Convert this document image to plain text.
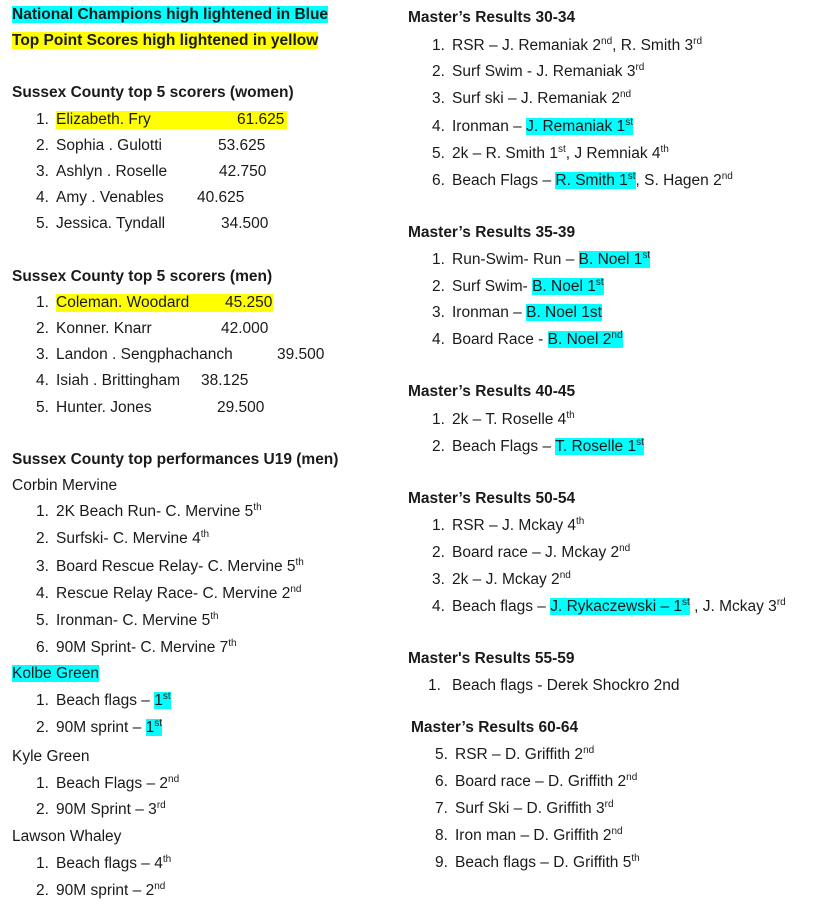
National Champions high lightened in Blue
Top Point Scores high lightened in yellow
Sussex County top 5 scorers (women)
1. Elizabeth. Fry	61.625
2. Sophia . Gulotti	53.625
3. Ashlyn . Roselle	42.750
4. Amy . Venables 40.625
5. Jessica. Tyndall	34.500
Sussex County top 5 scorers (men)
1. Coleman. Woodard 45.250
2. Konner. Knarr	42.000
3. Landon . Sengphachanch	39.500
4. Isiah . Brittingham 38.125
5. Hunter. Jones	29.500
Sussex County top performances U19 (men)
Corbin Mervine
1. 2K Beach Run- C. Mervine 5th
2. Surfski- C. Mervine 4th
3. Board Rescue Relay- C. Mervine 5th
4. Rescue Relay Race- C. Mervine 2nd
5. Ironman- C. Mervine 5th
6. 90M Sprint- C. Mervine 7th
Kolbe Green
1. Beach flags – 1st
2. 90M sprint – 1st
Kyle Green
1. Beach Flags – 2nd
2. 90M Sprint – 3rd
Lawson Whaley
1. Beach flags – 4th
2. 90M sprint – 2nd
Master’s Results 30-34
1. RSR – J. Remaniak 2nd, R. Smith 3rd
2. Surf Swim - J. Remaniak 3rd
3. Surf ski – J. Remaniak 2nd
4. Ironman – J. Remaniak 1st
5. 2k – R. Smith 1st, J Remniak 4th
6. Beach Flags – R. Smith 1st, S. Hagen 2nd
Master’s Results 35-39
1. Run-Swim- Run – B. Noel 1st
2. Surf Swim- B. Noel 1st
3. Ironman – B. Noel 1st
4. Board Race - B. Noel 2nd
Master’s Results 40-45
1. 2k – T. Roselle 4th
2. Beach Flags – T. Roselle 1st
Master’s Results 50-54
1. RSR – J. Mckay 4th
2. Board race – J. Mckay 2nd
3. 2k – J. Mckay 2nd
4. Beach flags – J. Rykaczewski – 1st , J. Mckay 3rd
Master's Results 55-59
1. Beach flags - Derek Shockro 2nd
Master’s Results 60-64
5. RSR – D. Griffith 2nd
6. Board race – D. Griffith 2nd
7. Surf Ski – D. Griffith 3rd
8. Iron man – D. Griffith 2nd
9. Beach flags – D. Griffith 5th
